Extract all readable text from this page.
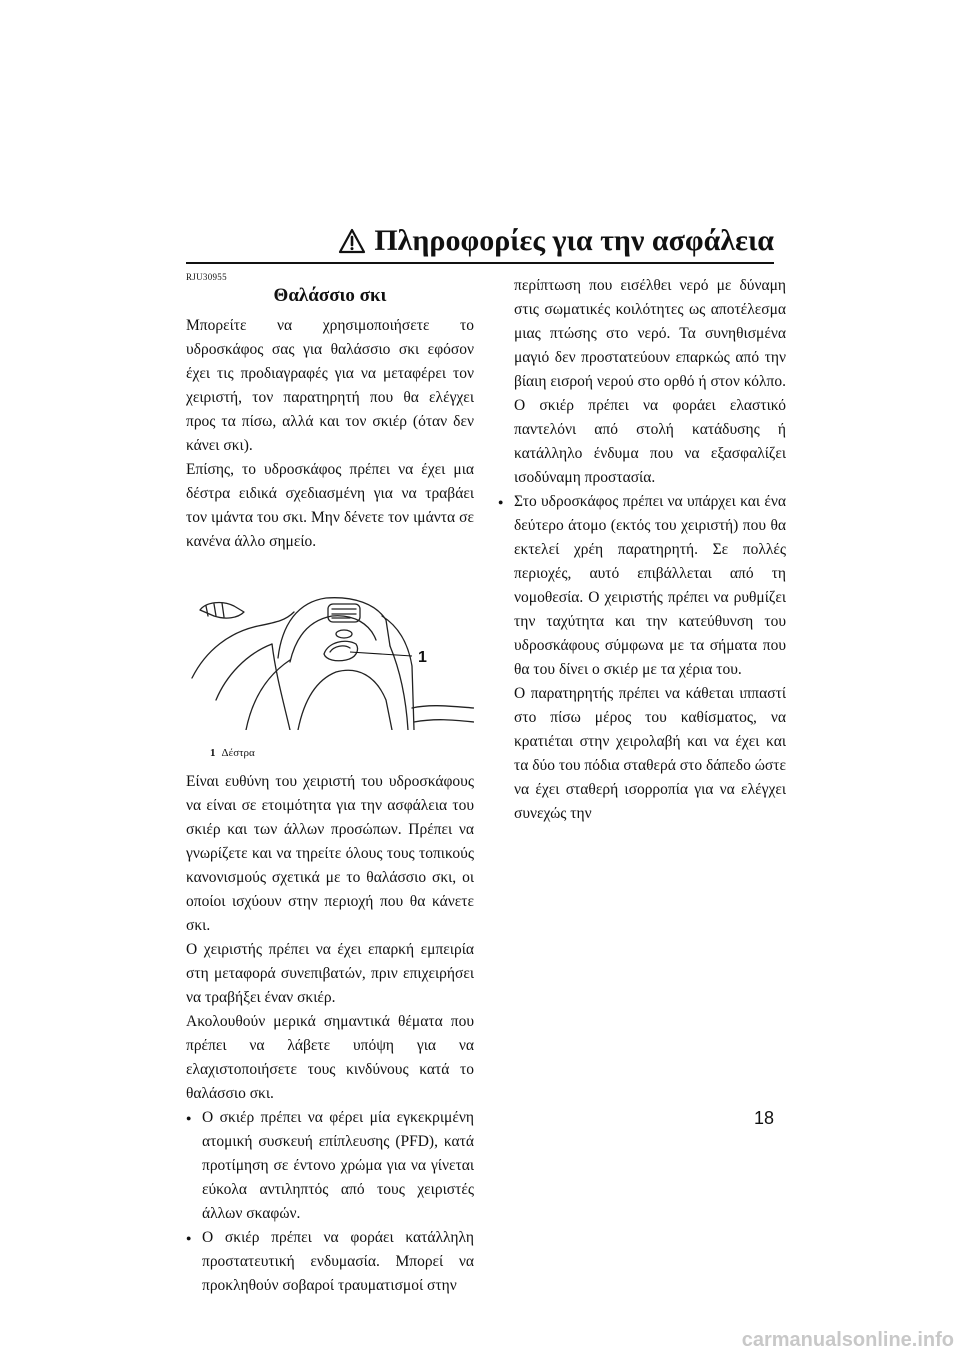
Πληροφορίες για την ασφάλεια
RJU30955
Θαλάσσιο σκι

Μπορείτε να χρησιμοποιήσετε το υδροσκάφος σας για θαλάσσιο σκι εφόσον έχει τις προδιαγραφές για να μεταφέρει τον χειριστή, τον παρατηρητή που θα ελέγχει προς τα πίσω, αλλά και τον σκιέρ (όταν δεν κάνει σκι).

Επίσης, το υδροσκάφος πρέπει να έχει μια δέστρα ειδικά σχεδιασμένη για να τραβάει τον ιμάντα του σκι. Μην δένετε τον ιμάντα σε κανένα άλλο σημείο.

1
1 Δέστρα

Είναι ευθύνη του χειριστή του υδροσκάφους να είναι σε ετοιμότητα για την ασφάλεια του σκιέρ και των άλλων προσώπων. Πρέπει να γνωρίζετε και να τηρείτε όλους τους τοπικούς κανονισμούς σχετικά με το θαλάσσιο σκι, οι οποίοι ισχύουν στην περιοχή που θα κάνετε σκι.

Ο χειριστής πρέπει να έχει επαρκή εμπειρία στη μεταφορά συνεπιβατών, πριν επιχειρήσει να τραβήξει έναν σκιέρ.

Ακολουθούν μερικά σημαντικά θέματα που πρέπει να λάβετε υπόψη για να ελαχιστοποιήσετε τους κινδύνους κατά το θαλάσσιο σκι.

● Ο σκιέρ πρέπει να φέρει μία εγκεκριμένη ατομική συσκευή επίπλευσης (PFD), κατά προτίμηση σε έντονο χρώμα για να γίνεται εύκολα αντιληπτός από τους χειριστές άλλων σκαφών.
● Ο σκιέρ πρέπει να φοράει κατάλληλη προστατευτική ενδυμασία. Μπορεί να προκληθούν σοβαροί τραυματισμοί στην

περίπτωση που εισέλθει νερό με δύναμη στις σωματικές κοιλότητες ως αποτέλεσμα μιας πτώσης στο νερό. Τα συνηθισμένα μαγιό δεν προστατεύουν επαρκώς από την βίαιη εισροή νερού στο ορθό ή στον κόλπο. Ο σκιέρ πρέπει να φοράει ελαστικό παντελόνι από στολή κατάδυσης ή κατάλληλο ένδυμα που να εξασφαλίζει ισοδύναμη προστασία.

● Στο υδροσκάφος πρέπει να υπάρχει και ένα δεύτερο άτομο (εκτός του χειριστή) που θα εκτελεί χρέη παρατηρητή. Σε πολλές περιοχές, αυτό επιβάλλεται από τη νομοθεσία. Ο χειριστής πρέπει να ρυθμίζει την ταχύτητα και την κατεύθυνση του υδροσκάφους σύμφωνα με τα σήματα που θα του δίνει ο σκιέρ με τα χέρια του.

Ο παρατηρητής πρέπει να κάθεται ιππαστί στο πίσω μέρος του καθίσματος, να κρατιέται στην χειρολαβή και να έχει και τα δύο του πόδια σταθερά στο δάπεδο ώστε να έχει σταθερή ισορροπία για να ελέγχει συνεχώς την

18
carmanualsonline.info
